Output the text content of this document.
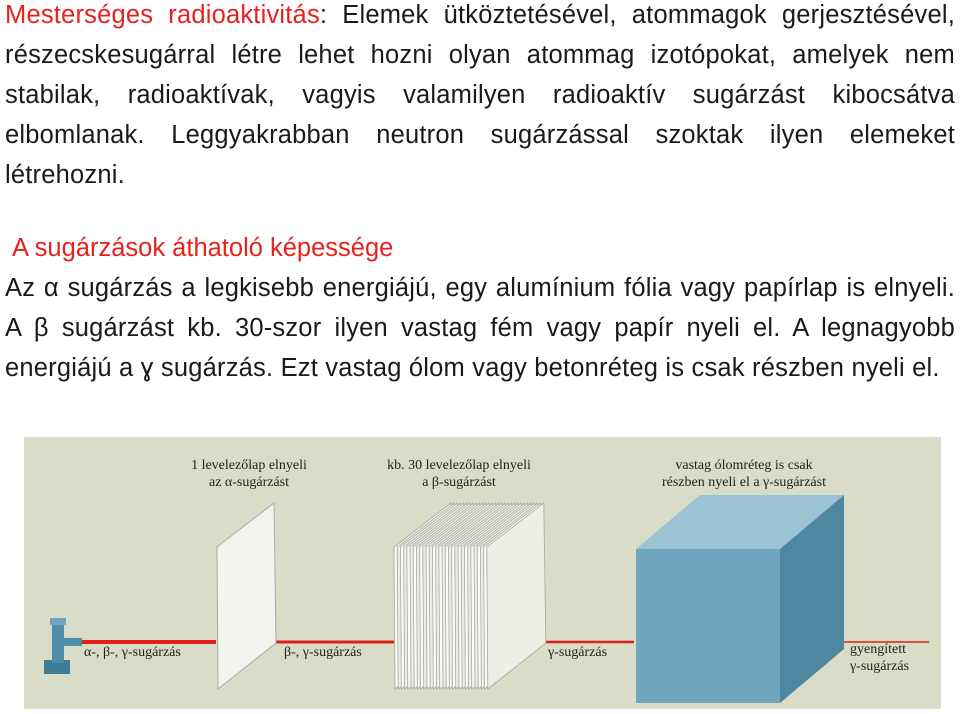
Mesterséges radioaktivitás: Elemek ütköztetésével, atommagok gerjesztésével, részecskesugárral létre lehet hozni olyan atommag izotópokat, amelyek nem stabilak, radioaktívak, vagyis valamilyen radioaktív sugárzást kibocsátva elbomlanak. Leggyakrabban neutron sugárzással szoktak ilyen elemeket létrehozni.
A sugárzások áthatoló képessége
Az α sugárzás a legkisebb energiájú, egy alumínium fólia vagy papírlap is elnyeli. A β sugárzást kb. 30-szor ilyen vastag fém vagy papír nyeli el. A legnagyobb energiájú a ɣ sugárzás. Ezt vastag ólom vagy betonréteg is csak részben nyeli el.
1 levelezőlap elnyeli
az α-sugárzást
kb. 30 levelezőlap elnyeli
a β-sugárzást
vastag ólomréteg is csak
részben nyeli el a γ-sugárzást
α-, β-, γ-sugárzás	β-, γ-sugárzás	γ-sugárzás	gyengített
γ-sugárzás
